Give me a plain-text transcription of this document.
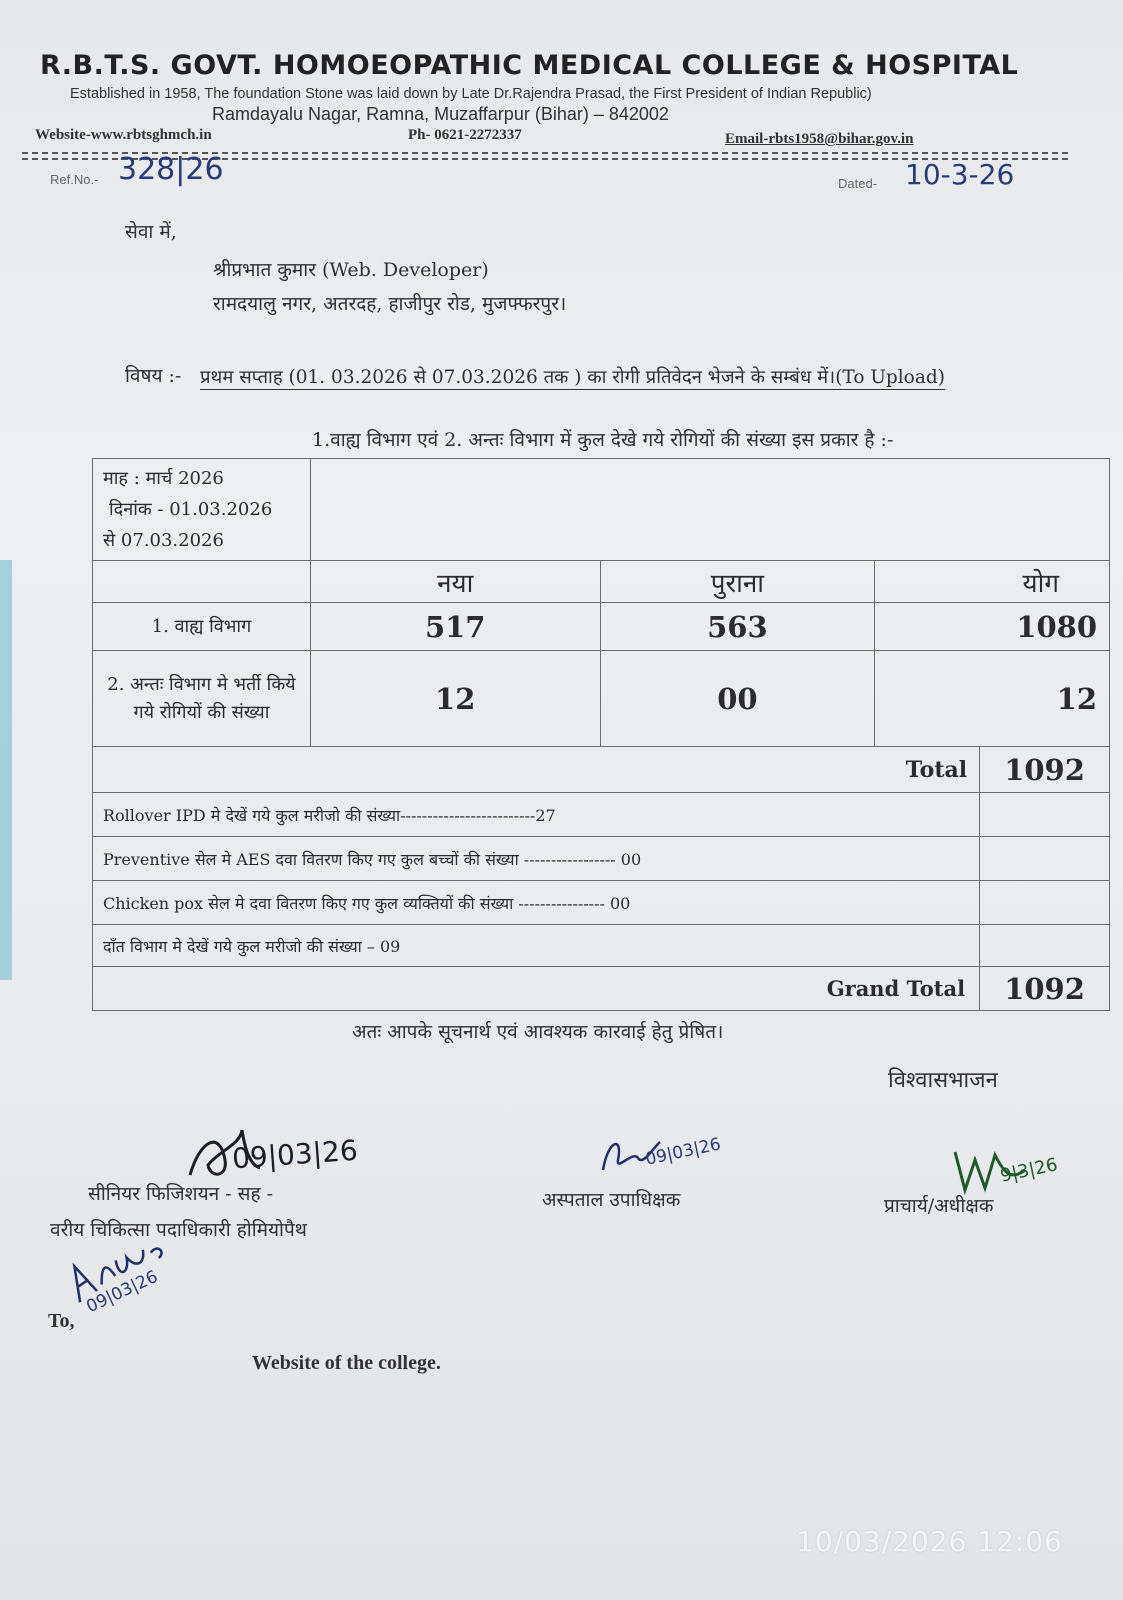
R.B.T.S. GOVT. HOMOEOPATHIC MEDICAL COLLEGE & HOSPITAL
Established in 1958, The foundation Stone was laid down by Late Dr.Rajendra Prasad, the First President of Indian Republic)
Ramdayalu Nagar, Ramna, Muzaffarpur (Bihar) – 842002
Website-www.rbtsghmch.in	Ph- 0621-2272337	Email-rbts1958@bihar.gov.in
Ref.No.- 328|26	Dated- 10-3-26
सेवा में,
श्रीप्रभात कुमार (Web. Developer)
रामदयालु नगर, अतरदह, हाजीपुर रोड, मुजफ्फरपुर।
विषय :- प्रथम सप्ताह (01. 03.2026 से 07.03.2026 तक ) का रोगी प्रतिवेदन भेजने के सम्बंध में।(To Upload)
1.वाह्य विभाग एवं 2. अन्तः विभाग में कुल देखे गये रोगियों की संख्या इस प्रकार है :-
माह : मार्च 2026
दिनांक - 01.03.2026
से 07.03.2026				

	नया	पुराना	योग	
1. वाह्य विभाग	517	563	1080	
2. अन्तः विभाग मे भर्ती किये गये रोगियों की संख्या	12	00	12	
Total				1092
Rollover IPD मे देखें गये कुल मरीजो की संख्या-------------------------27				
Preventive सेल मे AES दवा वितरण किए गए कुल बच्चों की संख्या ----------------- 00				
Chicken pox सेल मे दवा वितरण किए गए कुल व्यक्तियों की संख्या ---------------- 00				
दाँत विभाग मे देखें गये कुल मरीजो की संख्या – 09				
Grand Total				1092
अतः आपके सूचनार्थ एवं आवश्यक कारवाई हेतु प्रेषित।
विश्वासभाजन
09|03|26	09|03|26
9|3|26
सीनियर फिजिशयन - सह -
वरीय चिकित्सा पदाधिकारी होमियोपैथ
अस्पताल उपाधिक्षक	प्राचार्य/अधीक्षक
09|03|26
To,
Website of the college.
10/03/2026 12:06
